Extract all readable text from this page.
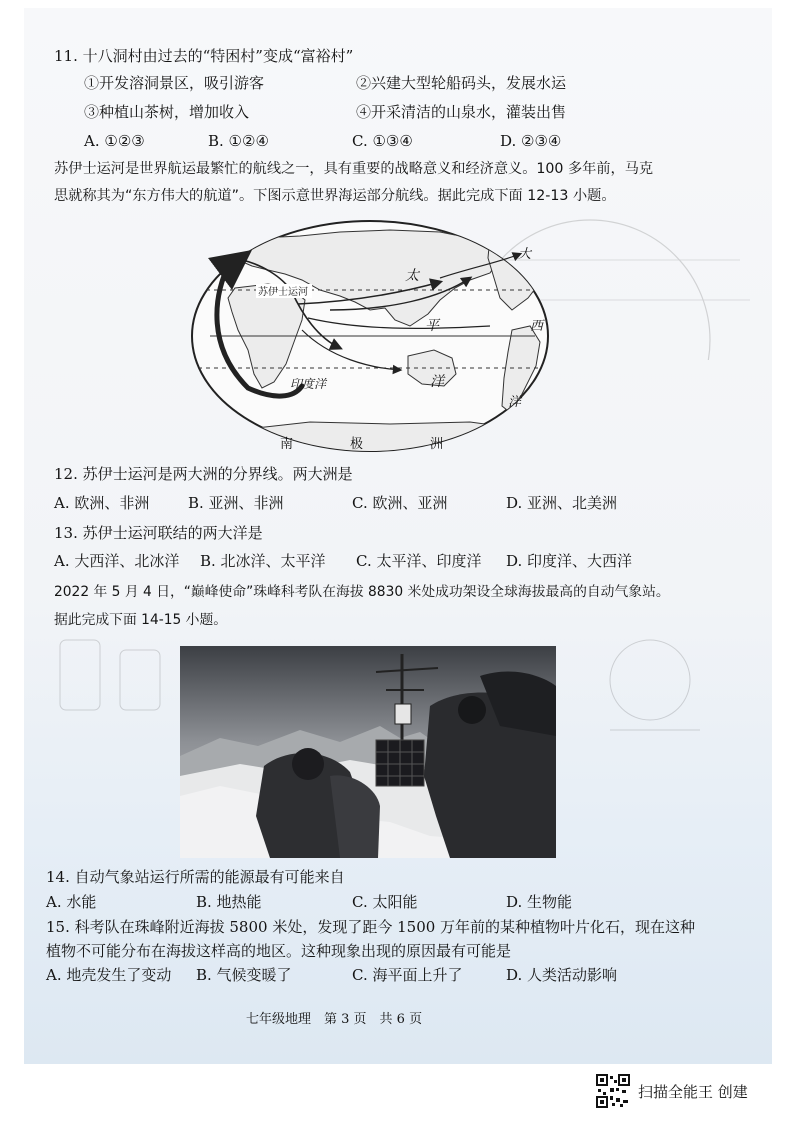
11. 十八洞村由过去的“特困村”变成“富裕村”
①开发溶洞景区，吸引游客	②兴建大型轮船码头，发展水运
③种植山茶树，增加收入	④开采清洁的山泉水，灌装出售
A. ①②③	B. ①②④	C. ①③④	D. ②③④
苏伊士运河是世界航运最繁忙的航线之一，具有重要的战略意义和经济意义。100 多年前，马克
思就称其为“东方伟大的航道”。下图示意世界海运部分航线。据此完成下面 12-13 小题。
苏伊士运河
印度洋
太
平
洋
大
西
洋
南	极	洲
12. 苏伊士运河是两大洲的分界线。两大洲是
A. 欧洲、非洲	B. 亚洲、非洲	C. 欧洲、亚洲	D. 亚洲、北美洲
13. 苏伊士运河联结的两大洋是
A. 大西洋、北冰洋 B. 北冰洋、太平洋 C. 太平洋、印度洋 D. 印度洋、大西洋
2022 年 5 月 4 日，“巅峰使命”珠峰科考队在海拔 8830 米处成功架设全球海拔最高的自动气象站。
据此完成下面 14-15 小题。
14. 自动气象站运行所需的能源最有可能来自
A. 水能	B. 地热能	C. 太阳能	D. 生物能
15. 科考队在珠峰附近海拔 5800 米处，发现了距今 1500 万年前的某种植物叶片化石，现在这种
植物不可能分布在海拔这样高的地区。这种现象出现的原因最有可能是
A. 地壳发生了变动 B. 气候变暖了	C. 海平面上升了	D. 人类活动影响
七年级地理　第 3 页　共 6 页
扫描全能王 创建
